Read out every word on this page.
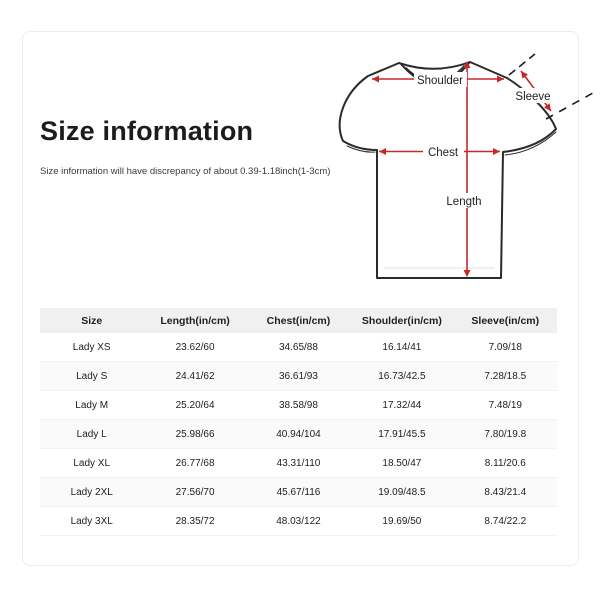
Size information
Size information will have discrepancy of about 0.39-1.18inch(1-3cm)
Shoulder
Chest
Length
Sleeve
Size	Length(in/cm)	Chest(in/cm)	Shoulder(in/cm)	Sleeve(in/cm)
Lady XS	23.62/60	34.65/88	16.14/41	7.09/18
Lady S	24.41/62	36.61/93	16.73/42.5	7.28/18.5
Lady M	25.20/64	38.58/98	17.32/44	7.48/19
Lady L	25.98/66	40.94/104	17.91/45.5	7.80/19.8
Lady XL	26.77/68	43.31/110	18.50/47	8.11/20.6
Lady 2XL	27.56/70	45.67/116	19.09/48.5	8.43/21.4
Lady 3XL	28.35/72	48.03/122	19.69/50	8.74/22.2
